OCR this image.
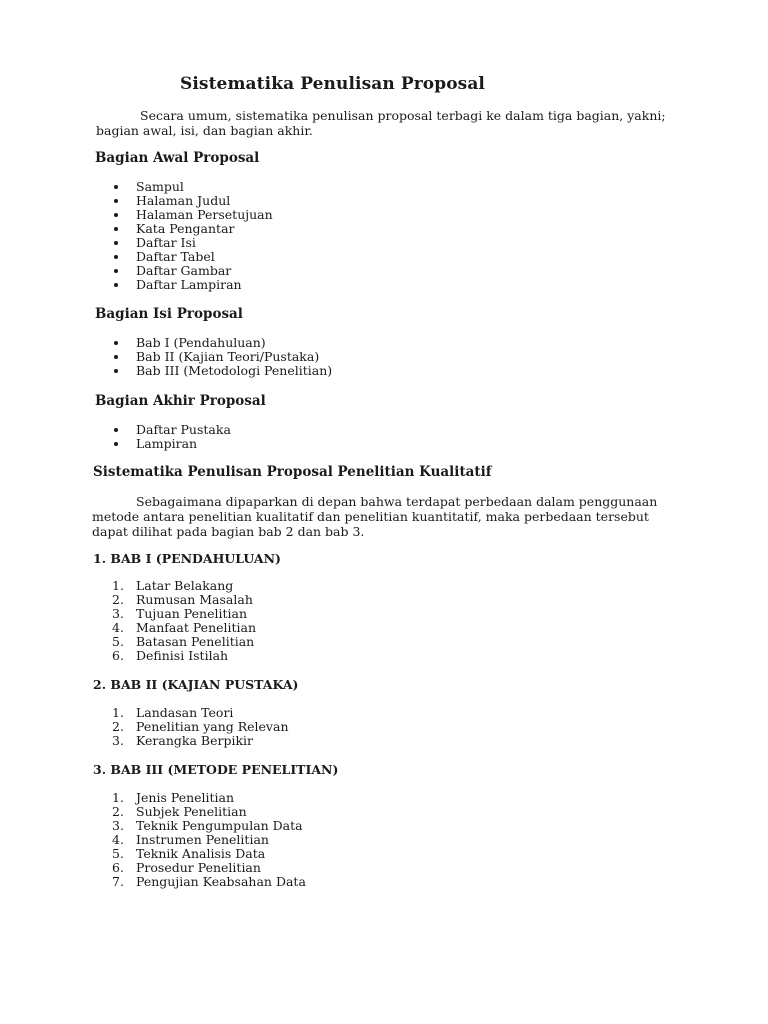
Sistematika Penulisan Proposal

Secara umum, sistematika penulisan proposal terbagi ke dalam tiga bagian, yakni; bagian awal, isi, dan bagian akhir.

Bagian Awal Proposal
Sampul
Halaman Judul
Halaman Persetujuan
Kata Pengantar
Daftar Isi
Daftar Tabel
Daftar Gambar
Daftar Lampiran
Bagian Isi Proposal
Bab I (Pendahuluan)
Bab II (Kajian Teori/Pustaka)
Bab III (Metodologi Penelitian)
Bagian Akhir Proposal
Daftar Pustaka
Lampiran
Sistematika Penulisan Proposal Penelitian Kualitatif

Sebagaimana dipaparkan di depan bahwa terdapat perbedaan dalam penggunaan metode antara penelitian kualitatif dan penelitian kuantitatif, maka perbedaan tersebut dapat dilihat pada bagian bab 2 dan bab 3.

1. BAB I (PENDAHULUAN)
1. Latar Belakang
2. Rumusan Masalah
3. Tujuan Penelitian
4. Manfaat Penelitian
5. Batasan Penelitian
6. Definisi Istilah
2. BAB II (KAJIAN PUSTAKA)
1. Landasan Teori
2. Penelitian yang Relevan
3. Kerangka Berpikir
3. BAB III (METODE PENELITIAN)
1. Jenis Penelitian
2. Subjek Penelitian
3. Teknik Pengumpulan Data
4. Instrumen Penelitian
5. Teknik Analisis Data
6. Prosedur Penelitian
7. Pengujian Keabsahan Data
